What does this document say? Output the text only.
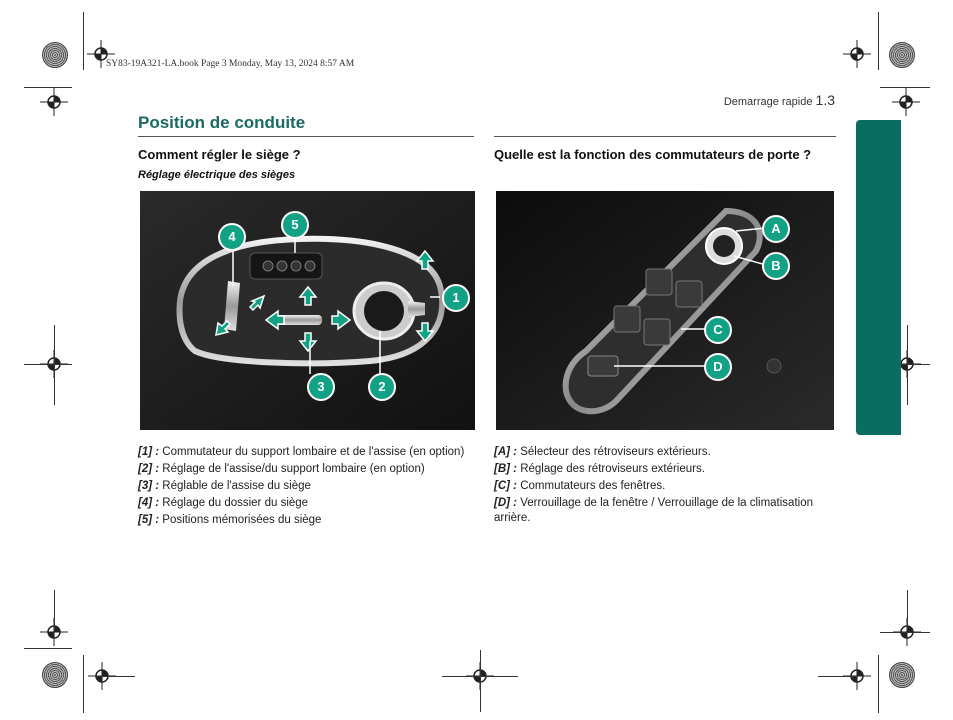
SY83-19A321-LA.book Page 3 Monday, May 13, 2024 8:57 AM
Demarrage rapide 1.3
Position de conduite
Comment régler le siège ?
Réglage électrique des sièges
4
5
1
3	2
[1] : Commutateur du support lombaire et de l'assise (en option)
[2] : Réglage de l'assise/du support lombaire (en option)
[3] : Réglable de l'assise du siège
[4] : Réglage du dossier du siège
[5] : Positions mémorisées du siège
Quelle est la fonction des commutateurs de porte ?
A
B
C
D
[A] : Sélecteur des rétroviseurs extérieurs.
[B] : Réglage des rétroviseurs extérieurs.
[C] : Commutateurs des fenêtres.
[D] : Verrouillage de la fenêtre / Verrouillage de la climatisation arrière.
